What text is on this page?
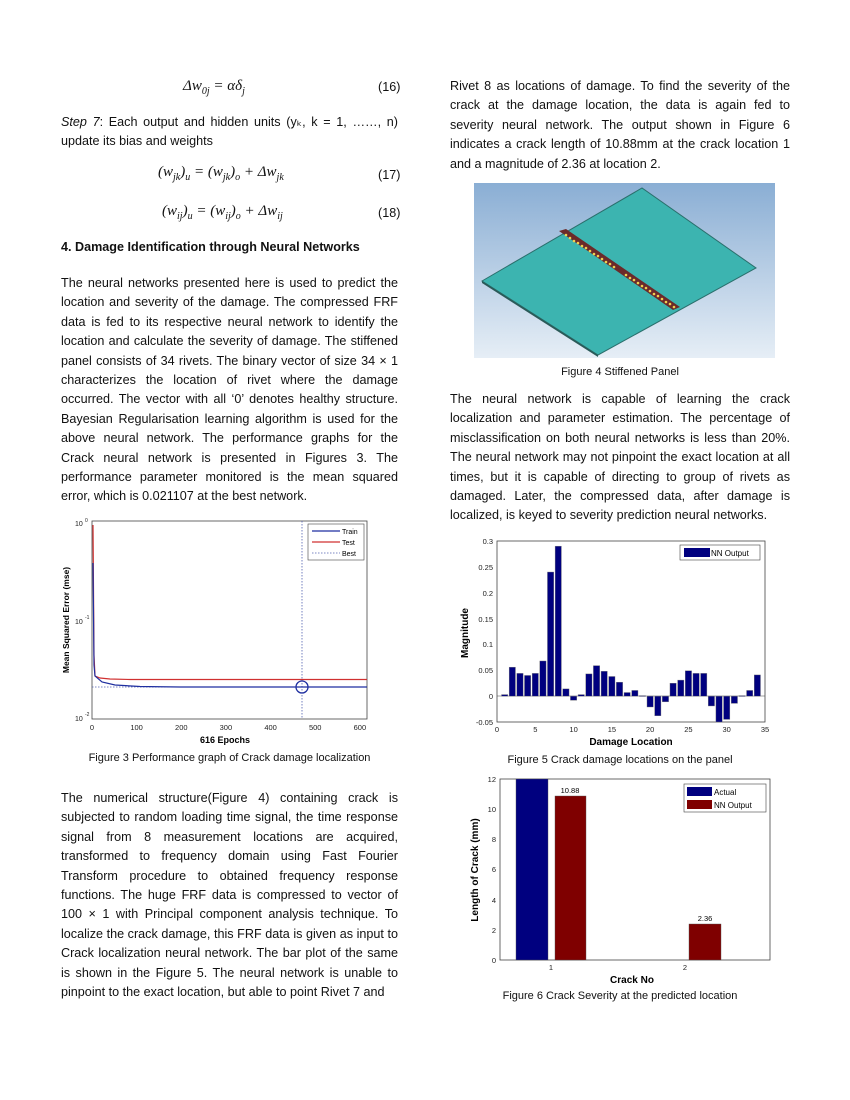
$\Delta w_{0j} = \alpha\delta_j$	(16)

Step 7: Each output and hidden units (yₖ, k = 1, ……, n) update its bias and weights

$(w_{jk})_u = (w_{jk})_o + \Delta w_{jk}$	(17)
$(w_{ij})_u = (w_{ij})_o + \Delta w_{ij}$	(18)
4. Damage Identification through Neural Networks

The neural networks presented here is used to predict the location and severity of the damage. The compressed FRF data is fed to its respective neural network to identify the location and calculate the severity of damage. The stiffened panel consists of 34 rivets. The binary vector of size 34 × 1 characterizes the location of rivet where the damage occurred. The vector with all ‘0’ denotes healthy structure. Bayesian Regularisation learning algorithm is used for the above neural network. The performance graphs for the Crack neural network is presented in Figures 3. The performance parameter monitored is the mean squared error, which is 0.021107 at the best network.

10 0
10
-1
10
-2
0	100	200	300	400	500	600
616 Epochs
Mean Squared Error (mse)
Train
Test
Best
Figure 3 Performance graph of Crack damage localization

The numerical structure(Figure 4) containing crack is subjected to random loading time signal, the time response signal from 8 measurement locations are acquired, transformed to frequency domain using Fast Fourier Transform procedure to obtained frequency response functions. The huge FRF data is compressed to vector of 100 × 1 with Principal component analysis technique. To localize the crack damage, this FRF data is given as input to Crack localization neural network. The bar plot of the same is shown in the Figure 5. The neural network is unable to pinpoint to the exact location, but able to point Rivet 7 and

Rivet 8 as locations of damage. To find the severity of the crack at the damage location, the data is again fed to severity neural network. The output shown in Figure 6 indicates a crack length of 10.88mm at the crack location 1 and a magnitude of 2.36 at location 2.

Figure 4 Stiffened Panel

The neural network is capable of learning the crack localization and parameter estimation. The percentage of misclassification on both neural networks is less than 20%. The neural network may not pinpoint the exact location at all times, but it is capable of directing to group of rivets as damaged. Later, the compressed data, after damage is localized, is keyed to severity prediction neural networks.

0.3
0.25
0.2
0.15
0.1
0.05
0
-0.05
0	5	10	15	20	25	30	35
Damage Location
Magnitude
NN Output
Figure 5 Crack damage locations on the panel
12
10
8
6
4
2
0
1	2
10.88
2.36
Crack No
Length of Crack (mm)
Actual
NN Output
Figure 6 Crack Severity at the predicted location
